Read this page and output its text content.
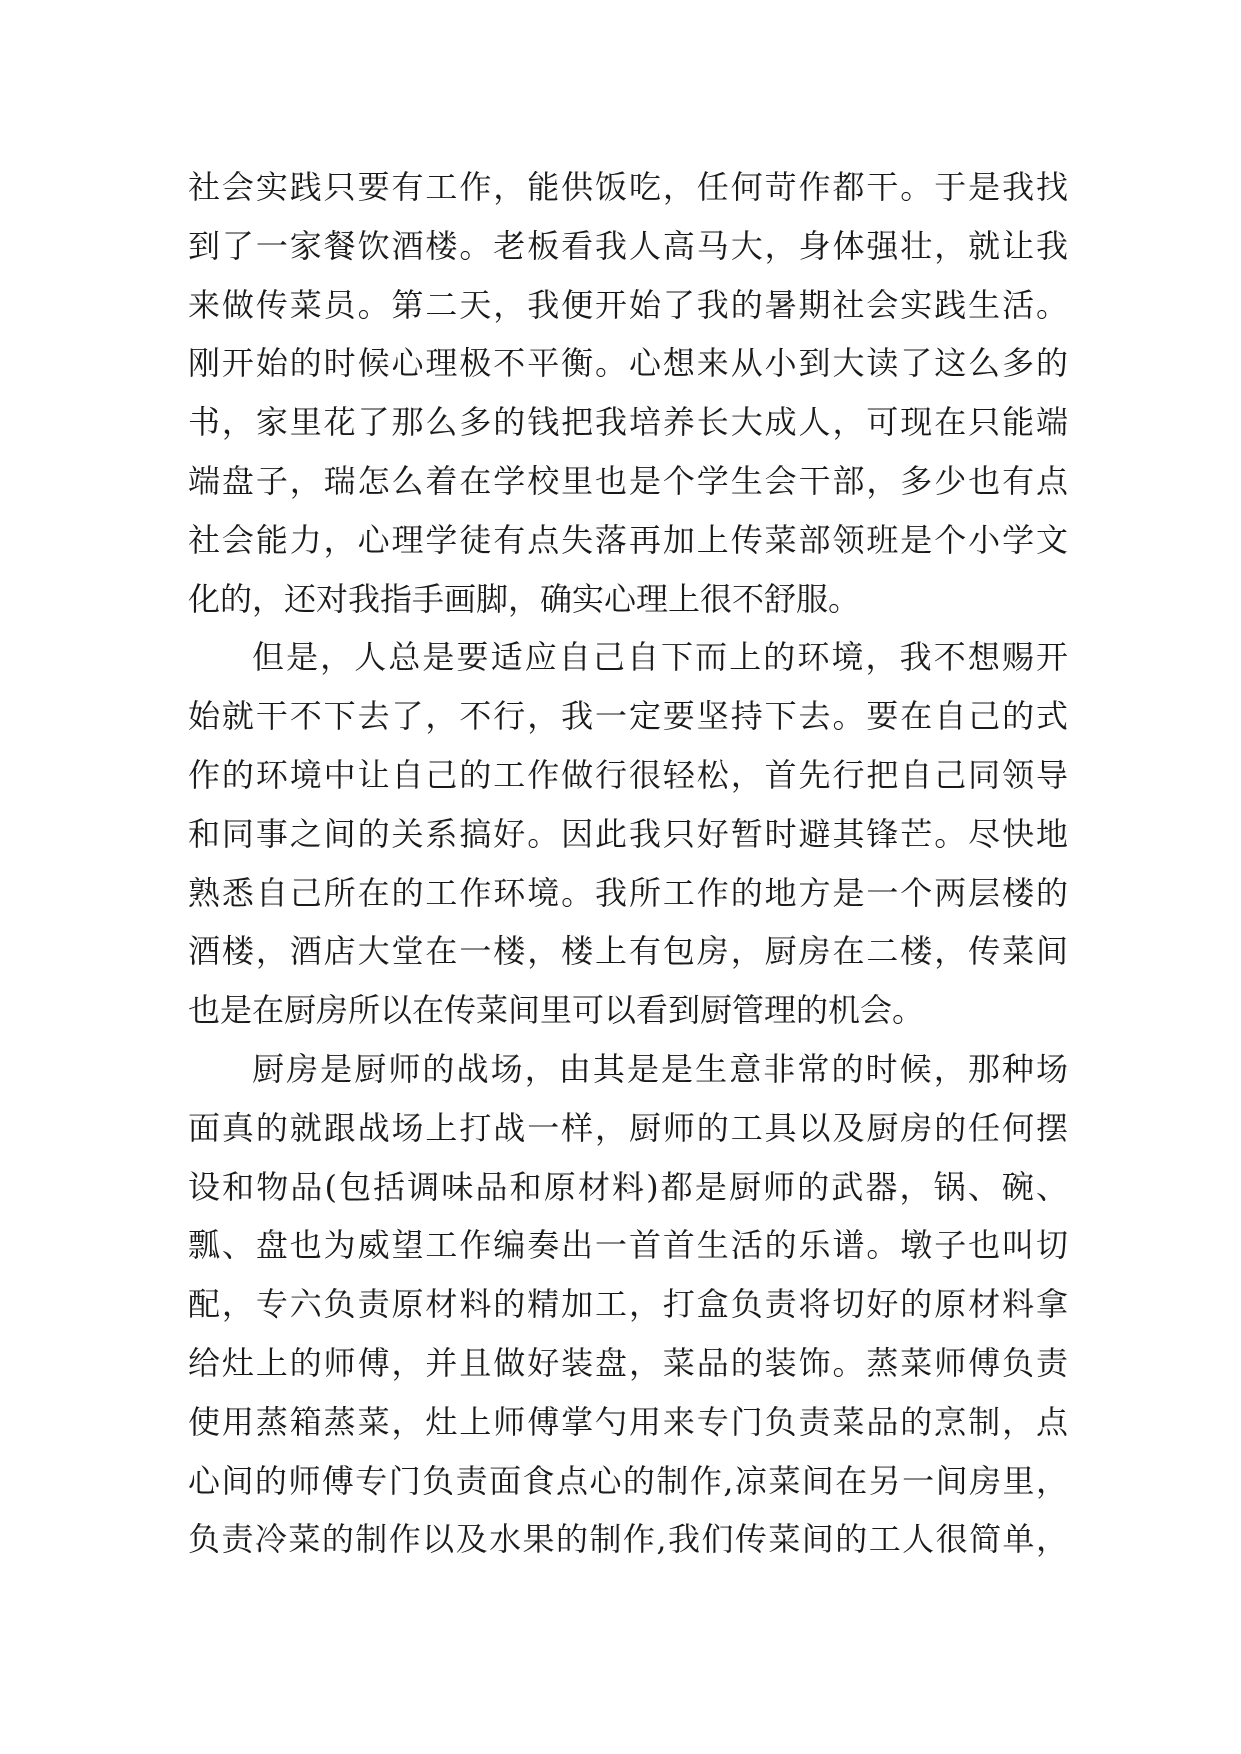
社会实践只要有工作，能供饭吃，任何苛作都干。于是我找
到了一家餐饮酒楼。老板看我人高马大，身体强壮，就让我
来做传菜员。第二天，我便开始了我的暑期社会实践生活。
刚开始的时候心理极不平衡。心想来从小到大读了这么多的
书，家里花了那么多的钱把我培养长大成人，可现在只能端
端盘子，瑞怎么着在学校里也是个学生会干部，多少也有点
社会能力，心理学徒有点失落再加上传菜部领班是个小学文
化的，还对我指手画脚，确实心理上很不舒服。
但是，人总是要适应自己自下而上的环境，我不想赐开
始就干不下去了，不行，我一定要坚持下去。要在自己的式
作的环境中让自己的工作做行很轻松，首先行把自己同领导
和同事之间的关系搞好。因此我只好暂时避其锋芒。尽快地
熟悉自己所在的工作环境。我所工作的地方是一个两层楼的
酒楼，酒店大堂在一楼，楼上有包房，厨房在二楼，传菜间
也是在厨房所以在传菜间里可以看到厨管理的机会。
厨房是厨师的战场，由其是是生意非常的时候，那种场
面真的就跟战场上打战一样，厨师的工具以及厨房的任何摆
设和物品(包括调味品和原材料)都是厨师的武器，锅、碗、
瓢、盘也为威望工作编奏出一首首生活的乐谱。墩子也叫切
配，专六负责原材料的精加工，打盒负责将切好的原材料拿
给灶上的师傅，并且做好装盘，菜品的装饰。蒸菜师傅负责
使用蒸箱蒸菜，灶上师傅掌勺用来专门负责菜品的烹制，点
心间的师傅专门负责面食点心的制作,凉菜间在另一间房里，
负责冷菜的制作以及水果的制作,我们传菜间的工人很简单，
